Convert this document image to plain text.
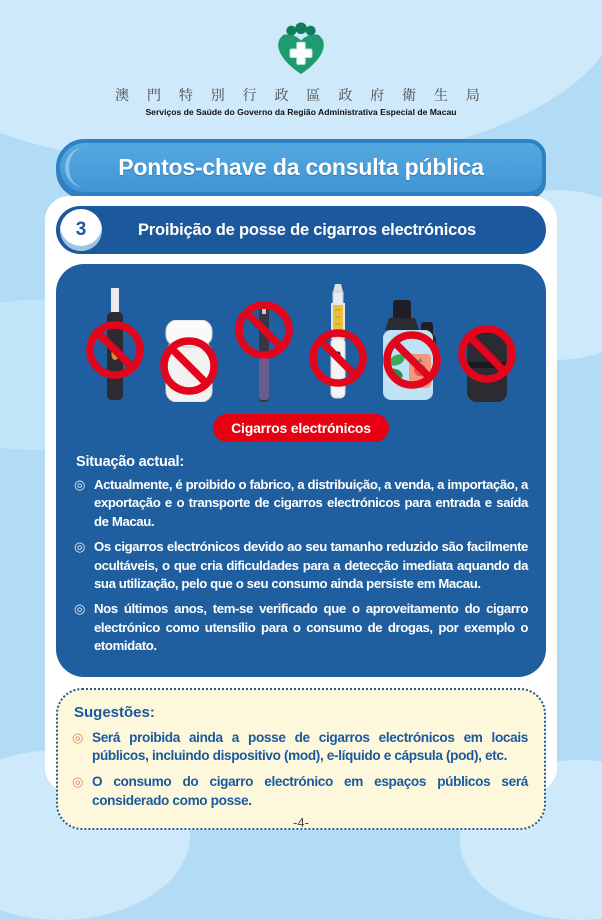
澳 門 特 別 行 政 區 政 府 衛 生 局
Serviços de Saúde do Governo da Região Administrativa Especial de Macau
Pontos-chave da consulta pública
3	Proibição de posse de cigarros electrónicos
Cigarros electrónicos
Situação actual:
◎ Actualmente, é proibido o fabrico, a distribuição, a venda, a importação, a exportação e o transporte de cigarros electrónicos para entrada e saída de Macau.
◎ Os cigarros electrónicos devido ao seu tamanho reduzido são facilmente ocultáveis, o que cria dificuldades para a detecção imediata aquando da sua utilização, pelo que o seu consumo ainda persiste em Macau.
◎ Nos últimos anos, tem-se verificado que o aproveitamento do cigarro electrónico como utensílio para o consumo de drogas, por exemplo o etomidato.
Sugestões:
◎ Será proibida ainda a posse de cigarros electrónicos em locais públicos, incluindo dispositivo (mod), e-líquido e cápsula (pod), etc.
◎ O consumo do cigarro electrónico em espaços públicos será considerado como posse.
-4-
